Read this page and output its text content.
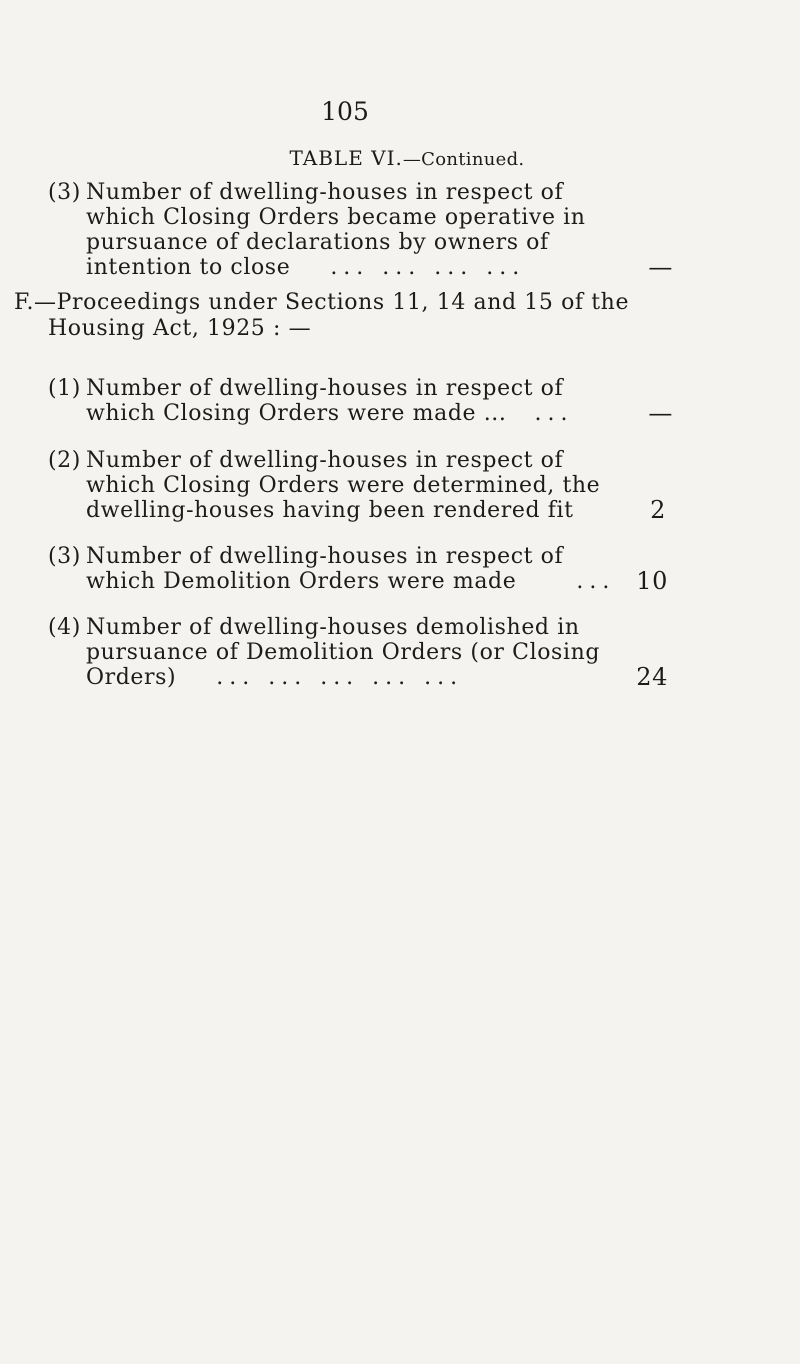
105
TABLE VI.—Continued.
(3) Number of dwelling-houses in respect of
which Closing Orders became operative in
pursuance of declarations by owners of
intention to close ... ... ... ...	—
F.—Proceedings under Sections 11, 14 and 15 of the
Housing Act, 1925 : —
(1) Number of dwelling-houses in respect of
which Closing Orders were made ... ...	—
(2) Number of dwelling-houses in respect of
which Closing Orders were determined, the
dwelling-houses having been rendered fit	2
(3) Number of dwelling-houses in respect of
which Demolition Orders were made	... 10
(4) Number of dwelling-houses demolished in
pursuance of Demolition Orders (or Closing
Orders) ... ... ... ... ...	24
